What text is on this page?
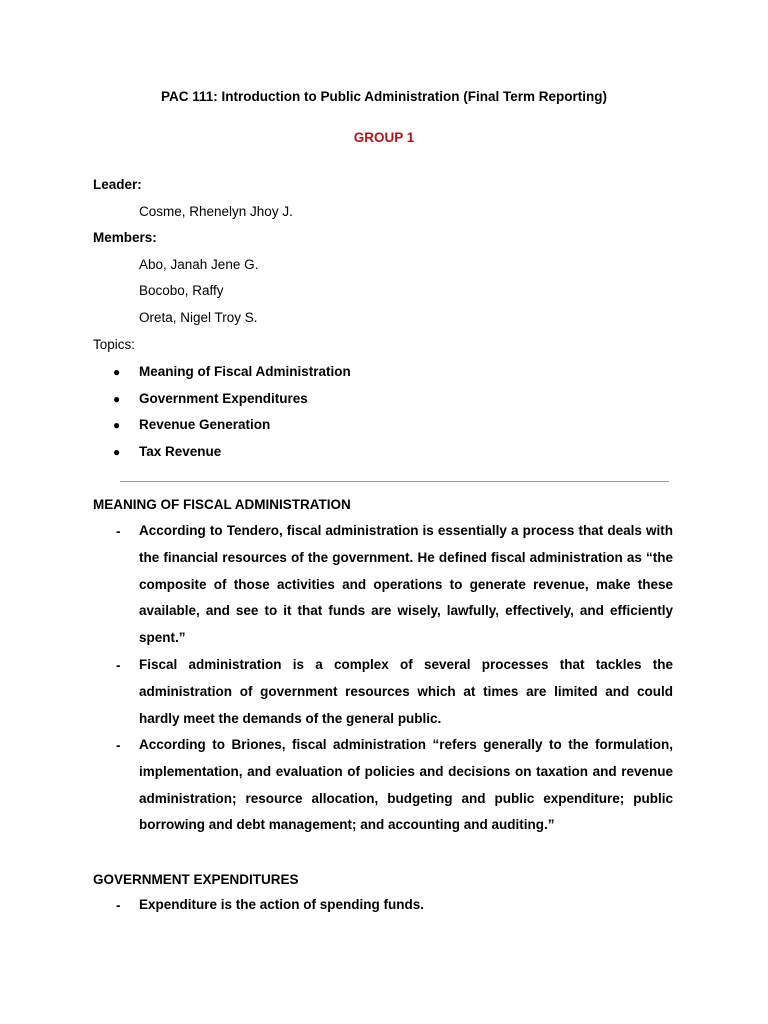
PAC 111: Introduction to Public Administration (Final Term Reporting)
GROUP 1
Leader:
Cosme, Rhenelyn Jhoy J.
Members:
Abo, Janah Jene G.
Bocobo, Raffy
Oreta, Nigel Troy S.
Topics:
● Meaning of Fiscal Administration
● Government Expenditures
● Revenue Generation
● Tax Revenue
MEANING OF FISCAL ADMINISTRATION
- According to Tendero, fiscal administration is essentially a process that deals with the financial resources of the government. He defined fiscal administration as “the composite of those activities and operations to generate revenue, make these available, and see to it that funds are wisely, lawfully, effectively, and efficiently spent.”
- Fiscal administration is a complex of several processes that tackles the administration of government resources which at times are limited and could hardly meet the demands of the general public.
- According to Briones, fiscal administration “refers generally to the formulation, implementation, and evaluation of policies and decisions on taxation and revenue administration; resource allocation, budgeting and public expenditure; public borrowing and debt management; and accounting and auditing.”
GOVERNMENT EXPENDITURES
- Expenditure is the action of spending funds.
